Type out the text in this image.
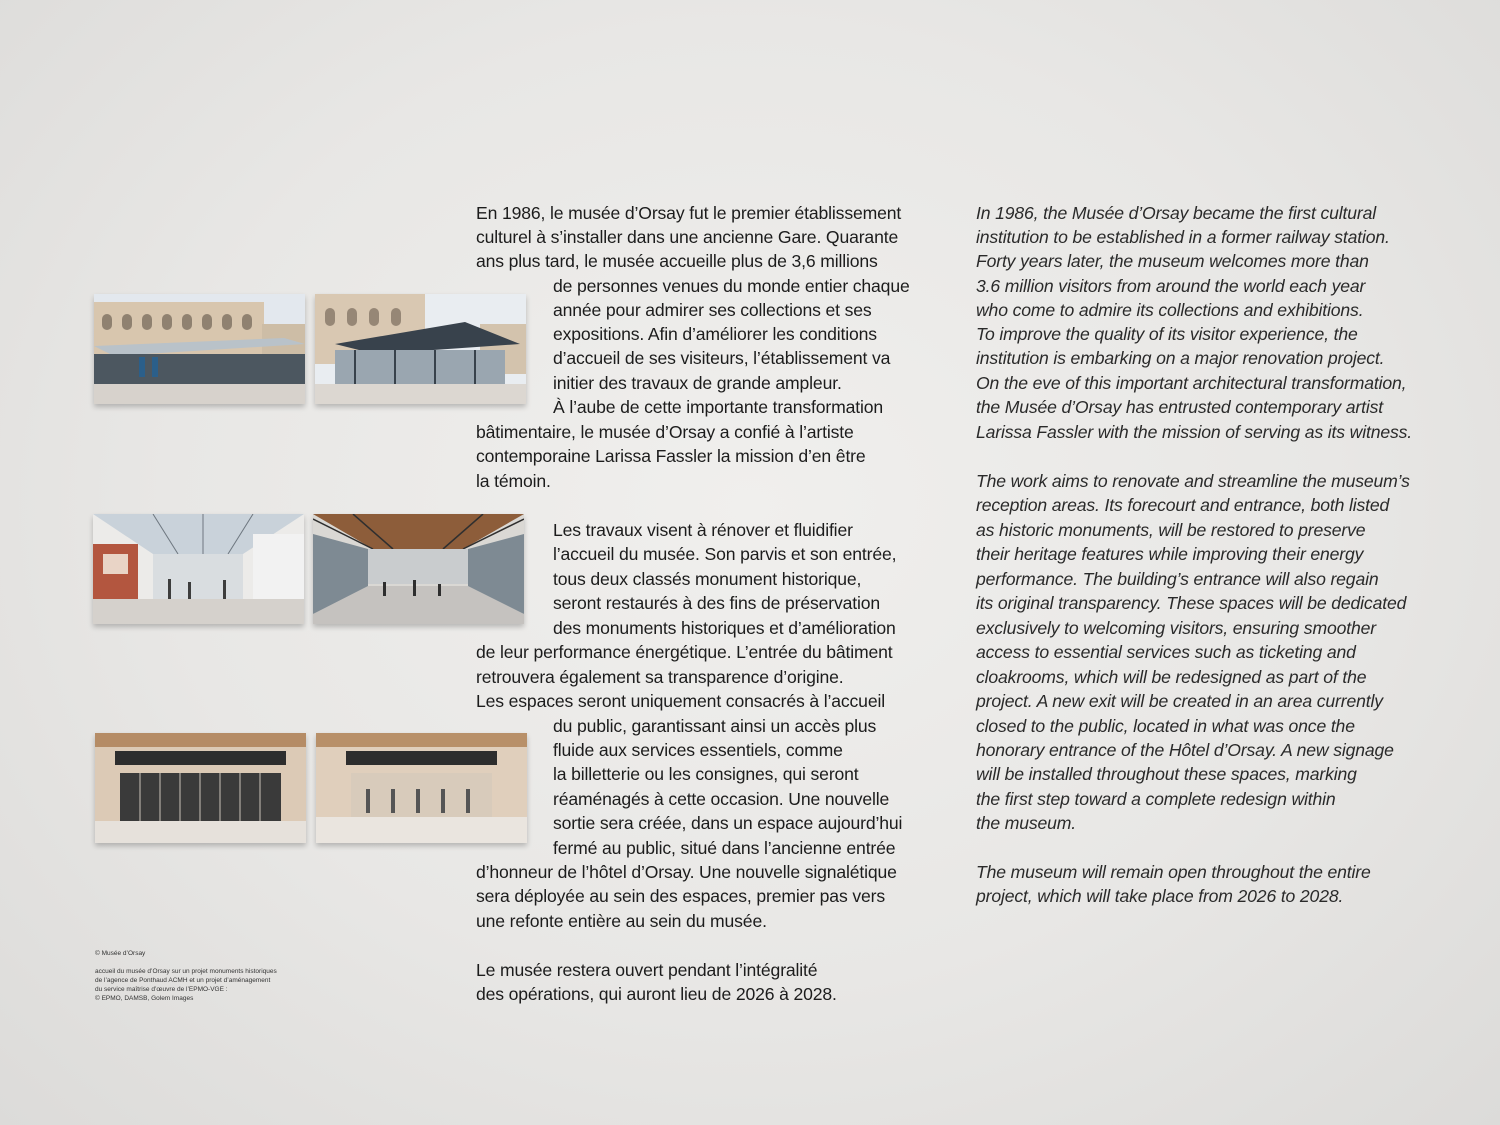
En 1986, le musée d’Orsay fut le premier établissement
culturel à s’installer dans une ancienne Gare. Quarante
ans plus tard, le musée accueille plus de 3,6 millions
de personnes venues du monde entier chaque
année pour admirer ses collections et ses
expositions. Afin d’améliorer les conditions
d’accueil de ses visiteurs, l’établissement va
initier des travaux de grande ampleur.
À l’aube de cette importante transformation
bâtimentaire, le musée d’Orsay a confié à l’artiste
contemporaine Larissa Fassler la mission d’en être
la témoin.
Les travaux visent à rénover et fluidifier
l’accueil du musée. Son parvis et son entrée,
tous deux classés monument historique,
seront restaurés à des fins de préservation
des monuments historiques et d’amélioration
de leur performance énergétique. L’entrée du bâtiment
retrouvera également sa transparence d’origine.
Les espaces seront uniquement consacrés à l’accueil
du public, garantissant ainsi un accès plus
fluide aux services essentiels, comme
la billetterie ou les consignes, qui seront
réaménagés à cette occasion. Une nouvelle
sortie sera créée, dans un espace aujourd’hui
fermé au public, situé dans l’ancienne entrée
d’honneur de l’hôtel d’Orsay. Une nouvelle signalétique
sera déployée au sein des espaces, premier pas vers
une refonte entière au sein du musée.
Le musée restera ouvert pendant l’intégralité
des opérations, qui auront lieu de 2026 à 2028.
In 1986, the Musée d’Orsay became the first cultural
institution to be established in a former railway station.
Forty years later, the museum welcomes more than
3.6 million visitors from around the world each year
who come to admire its collections and exhibitions.
To improve the quality of its visitor experience, the
institution is embarking on a major renovation project.
On the eve of this important architectural transformation,
the Musée d’Orsay has entrusted contemporary artist
Larissa Fassler with the mission of serving as its witness.
The work aims to renovate and streamline the museum’s
reception areas. Its forecourt and entrance, both listed
as historic monuments, will be restored to preserve
their heritage features while improving their energy
performance. The building’s entrance will also regain
its original transparency. These spaces will be dedicated
exclusively to welcoming visitors, ensuring smoother
access to essential services such as ticketing and
cloakrooms, which will be redesigned as part of the
project. A new exit will be created in an area currently
closed to the public, located in what was once the
honorary entrance of the Hôtel d’Orsay. A new signage
will be installed throughout these spaces, marking
the first step toward a complete redesign within
the museum.
The museum will remain open throughout the entire
project, which will take place from 2026 to 2028.
© Musée d’Orsay
accueil du musée d’Orsay sur un projet monuments historiques
de l’agence de Ponthaud ACMH et un projet d’aménagement
du service maîtrise d’œuvre de l’EPMO-VGE :
© EPMO, DAMSB, Golem Images
